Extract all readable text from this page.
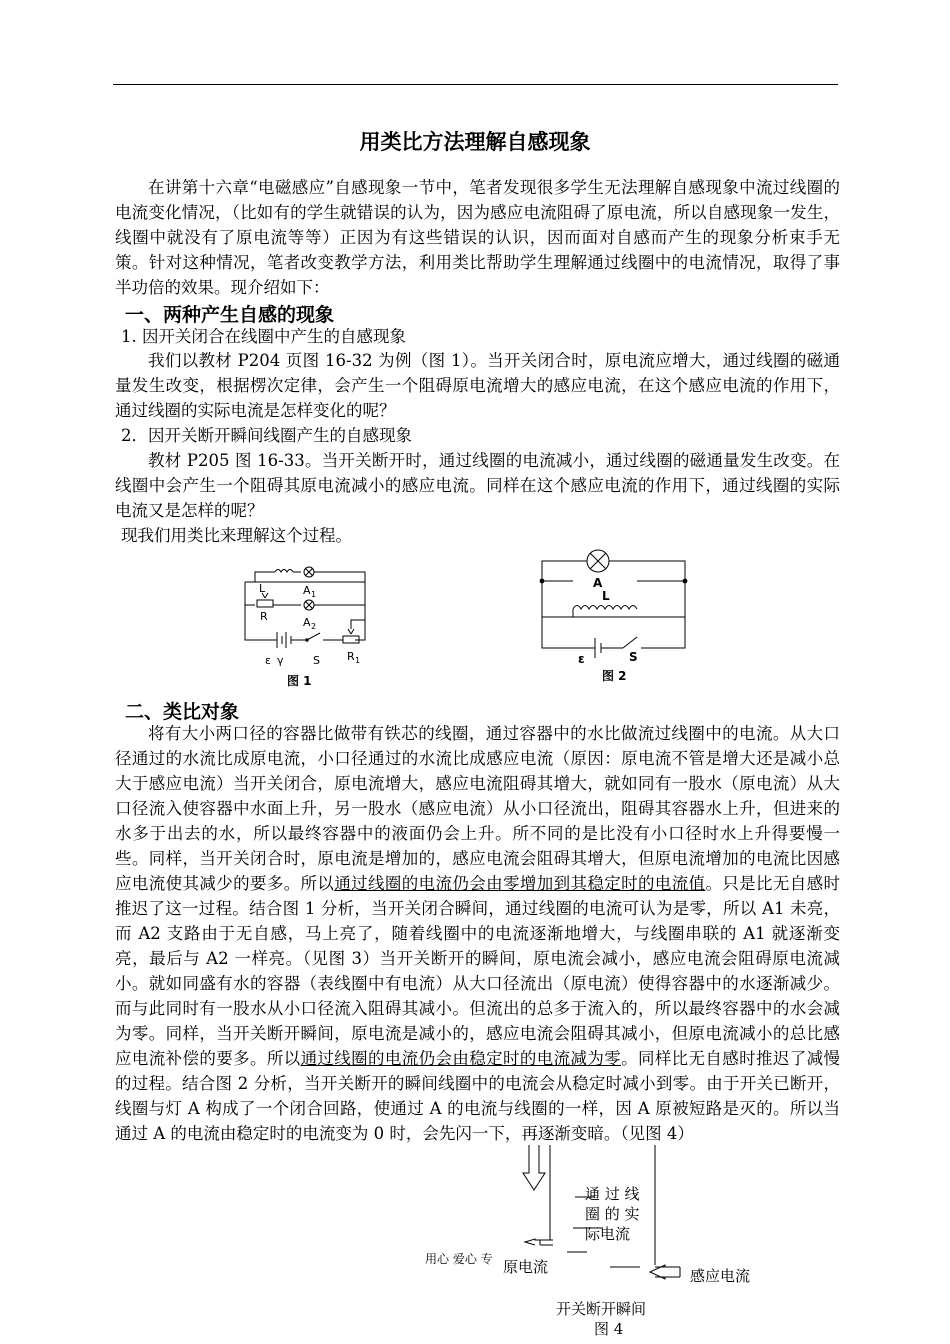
用类比方法理解自感现象
在讲第十六章“电磁感应”自感现象一节中，笔者发现很多学生无法理解自感现象中流过线圈的电流变化情况，（比如有的学生就错误的认为，因为感应电流阻碍了原电流，所以自感现象一发生，线圈中就没有了原电流等等）正因为有这些错误的认识，因而面对自感而产生的现象分析束手无策。针对这种情况，笔者改变教学方法，利用类比帮助学生理解通过线圈中的电流情况，取得了事半功倍的效果。现介绍如下：
一、两种产生自感的现象
1. 因开关闭合在线圈中产生的自感现象
我们以教材 P204 页图 16-32 为例（图 1）。当开关闭合时，原电流应增大，通过线圈的磁通量发生改变，根据楞次定律，会产生一个阻碍原电流增大的感应电流，在这个感应电流的作用下，通过线圈的实际电流是怎样变化的呢？
2．因开关断开瞬间线圈产生的自感现象
教材 P205 图 16-33。当开关断开时，通过线圈的电流减小，通过线圈的磁通量发生改变。在线圈中会产生一个阻碍其原电流减小的感应电流。同样在这个感应电流的作用下，通过线圈的实际电流又是怎样的呢？
现我们用类比来理解这个过程。
L
R
A 1
A 2
ε γ	S R 1
图 1
A
L
ε	S
图 2
二、类比对象
将有大小两口径的容器比做带有铁芯的线圈，通过容器中的水比做流过线圈中的电流。从大口径通过的水流比成原电流，小口径通过的水流比成感应电流（原因：原电流不管是增大还是减小总大于感应电流）当开关闭合，原电流增大，感应电流阻碍其增大，就如同有一股水（原电流）从大口径流入使容器中水面上升，另一股水（感应电流）从小口径流出，阻碍其容器水上升，但进来的水多于出去的水，所以最终容器中的液面仍会上升。所不同的是比没有小口径时水上升得要慢一些。同样，当开关闭合时，原电流是增加的，感应电流会阻碍其增大，但原电流增加的电流比因感应电流使其减少的要多。所以通过线圈的电流仍会由零增加到其稳定时的电流值。只是比无自感时推迟了这一过程。结合图 1 分析，当开关闭合瞬间，通过线圈的电流可认为是零，所以 A1 未亮，而 A2 支路由于无自感，马上亮了，随着线圈中的电流逐渐地增大，与线圈串联的 A1 就逐渐变亮，最后与 A2 一样亮。（见图 3）当开关断开的瞬间，原电流会减小，感应电流会阻碍原电流减小。就如同盛有水的容器（表线圈中有电流）从大口径流出（原电流）使得容器中的水逐渐减少。而与此同时有一股水从小口径流入阻碍其减小。但流出的总多于流入的，所以最终容器中的水会减为零。同样，当开关断开瞬间，原电流是减小的，感应电流会阻碍其减小，但原电流减小的总比感应电流补偿的要多。所以通过线圈的电流仍会由稳定时的电流减为零。同样比无自感时推迟了减慢的过程。结合图 2 分析，当开关断开的瞬间线圈中的电流会从稳定时减小到零。由于开关已断开，线圈与灯 A 构成了一个闭合回路，使通过 A 的电流与线圈的一样，因 A 原被短路是灭的。所以当通过 A 的电流由稳定时的电流变为 0 时，会先闪一下，再逐渐变暗。（见图 4）
通 过 线
圈 的 实
际电流
原电流	感应电流
开关断开瞬间
图 4
用心 爱心 专
